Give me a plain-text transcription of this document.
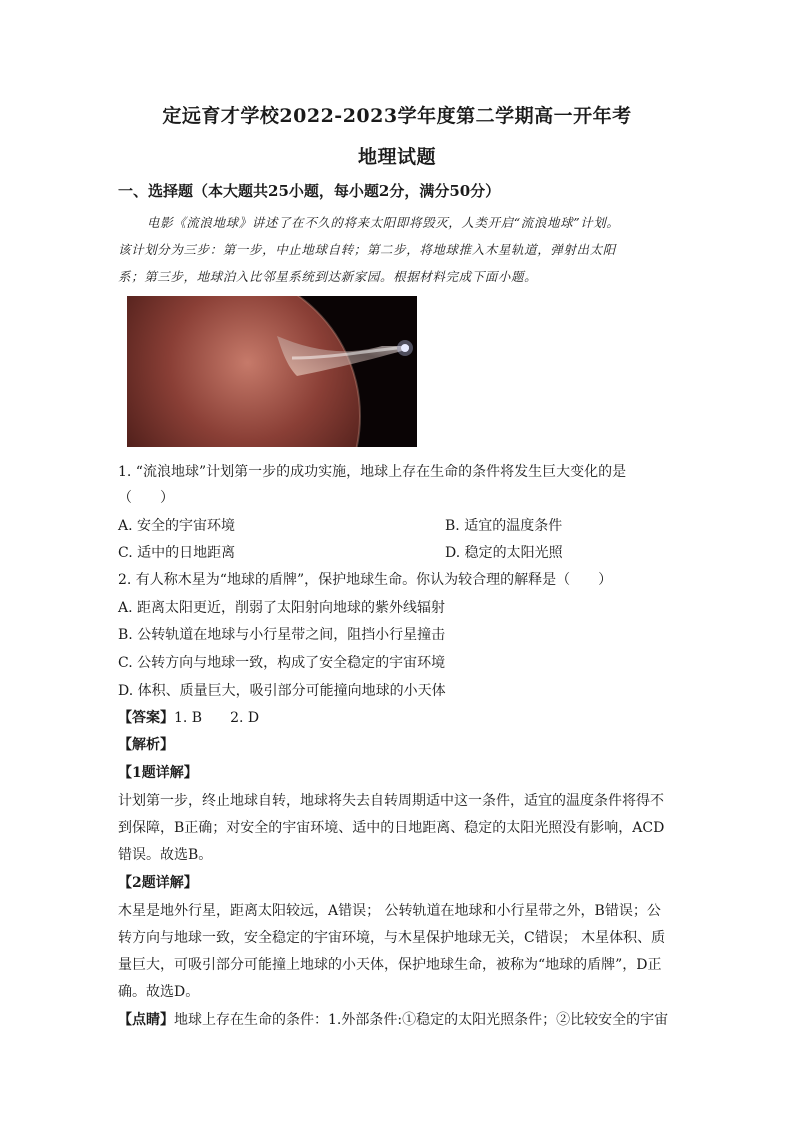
定远育才学校2022-2023学年度第二学期高一开年考
地理试题
一、选择题（本大题共25小题，每小题2分，满分50分）
电影《流浪地球》讲述了在不久的将来太阳即将毁灭，人类开启“流浪地球”计划。
该计划分为三步：第一步，中止地球自转；第二步，将地球推入木星轨道，弹射出太阳
系；第三步，地球泊入比邻星系统到达新家园。根据材料完成下面小题。
1. “流浪地球”计划第一步的成功实施，地球上存在生命的条件将发生巨大变化的是
（　　）
A. 安全的宇宙环境	B. 适宜的温度条件
C. 适中的日地距离	D. 稳定的太阳光照
2. 有人称木星为“地球的盾牌”，保护地球生命。你认为较合理的解释是（　　）
A. 距离太阳更近，削弱了太阳射向地球的紫外线辐射
B. 公转轨道在地球与小行星带之间，阻挡小行星撞击
C. 公转方向与地球一致，构成了安全稳定的宇宙环境
D. 体积、质量巨大，吸引部分可能撞向地球的小天体
【答案】1. B　　2. D
【解析】
【1题详解】
计划第一步，终止地球自转，地球将失去自转周期适中这一条件，适宜的温度条件将得不
到保障，B正确；对安全的宇宙环境、适中的日地距离、稳定的太阳光照没有影响，ACD
错误。故选B。
【2题详解】
木星是地外行星，距离太阳较远，A错误； 公转轨道在地球和小行星带之外，B错误；公
转方向与地球一致，安全稳定的宇宙环境，与木星保护地球无关，C错误； 木星体积、质
量巨大，可吸引部分可能撞上地球的小天体，保护地球生命，被称为“地球的盾牌”，D正
确。故选D。
【点睛】地球上存在生命的条件：1.外部条件:①稳定的太阳光照条件；②比较安全的宇宙
